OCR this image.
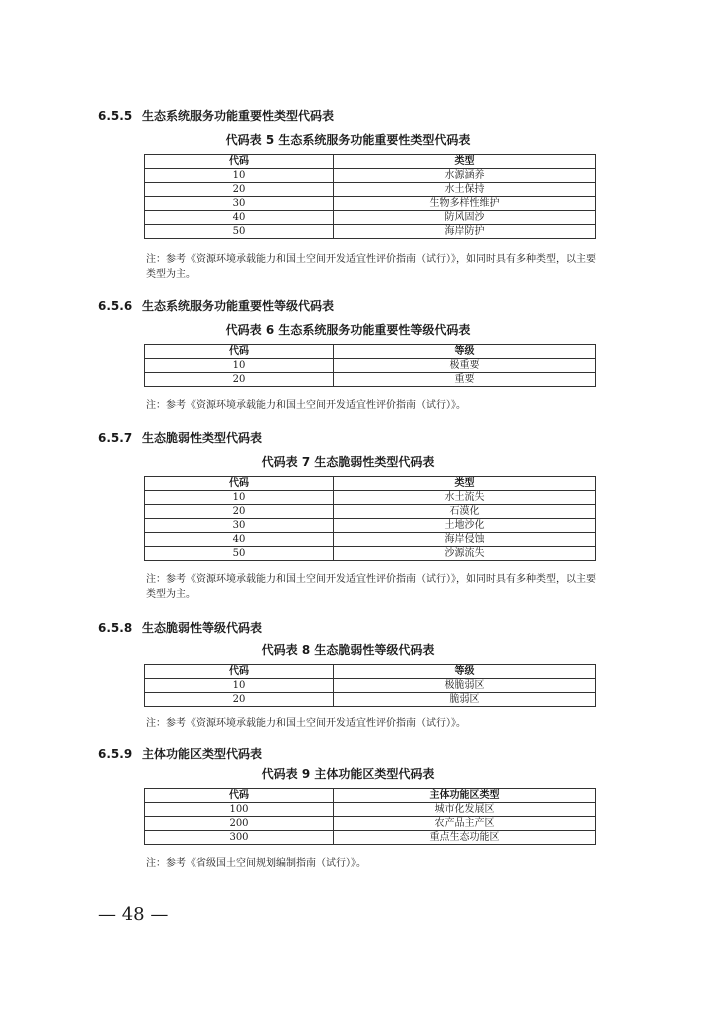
6.5.5 生态系统服务功能重要性类型代码表
代码表 5 生态系统服务功能重要性类型代码表
代码	类型
10	水源涵养
20	水土保持
30	生物多样性维护
40	防风固沙
50	海岸防护
注：参考《资源环境承载能力和国土空间开发适宜性评价指南（试行）》，如同时具有多种类型，以主要类型为主。
6.5.6 生态系统服务功能重要性等级代码表
代码表 6 生态系统服务功能重要性等级代码表
代码	等级
10	极重要
20	重要
注：参考《资源环境承载能力和国土空间开发适宜性评价指南（试行）》。
6.5.7 生态脆弱性类型代码表
代码表 7 生态脆弱性类型代码表
代码	类型
10	水土流失
20	石漠化
30	土地沙化
40	海岸侵蚀
50	沙源流失
注：参考《资源环境承载能力和国土空间开发适宜性评价指南（试行）》，如同时具有多种类型，以主要类型为主。
6.5.8 生态脆弱性等级代码表
代码表 8 生态脆弱性等级代码表
代码	等级
10	极脆弱区
20	脆弱区
注：参考《资源环境承载能力和国土空间开发适宜性评价指南（试行）》。
6.5.9 主体功能区类型代码表
代码表 9 主体功能区类型代码表
代码	主体功能区类型
100	城市化发展区
200	农产品主产区
300	重点生态功能区
注：参考《省级国土空间规划编制指南（试行）》。
— 48 —
